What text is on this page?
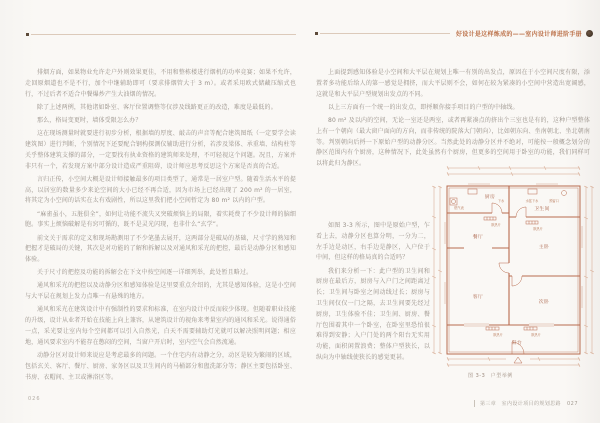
排烟方面，如果物业允许走户外则效果更佳，不用和整栋楼进行烟机的功率竞赛；如果不允许，走回原烟道也不是不行，加个中继辅助即可（要求排烟管大于 3 m）。或者采用欧式储藏压缩式也行，不过后者不适合中餐爆炒产生大油烟的情况。

除了上述两例，其他诸如卧室、客厅位置调整等仅涉及线路更正的改造，难度是最低的。

那么，格局变更时，墙体受限怎么办？

这在现场测量时就要进行初步分析，根据墙的厚度、敲击的声音等配合建筑图纸（一定要学会读建筑图）进行判断，个别情况下还要配合钢构探测仪辅助进行分析，若涉及梁体、承重墙、结构柱等关乎整体建筑支撑的部分，一定要找有执业资格的建筑师来处理，不可轻视这个问题。况且，方案并非只有一个，若发现方案中部分设计造成严重阻碍，设计师应思考反思这个方案是否真的合适。

言归正传，小空间大概是设计师接触最多的项目类型了，通常是一居室户型。随着生活水平的提高，以居室的数量多少来论空间的大小已经不再合适，因为市场上已经出现了 200 m² 的一居室，将其定为小空间的话实在太有戏剧性，所以这里我们把小空间暂定为 80 m² 以内的户型。

“麻雀虽小，五脏俱全”，如何让功能不流失又突破烦恼上的局限，着实耗费了不少设计师的脑细胞。事实上烦恼破解是有窍可循的，既不是灵光闪现，也非什么“玄学”。

前文关于需求的定义和现场勘测用了不少笔墨去展开，这两部分是破局的基础，尺寸学的熟知和把握才是破局的关键，其次是对功能的了解和拆解以及对通风和采光的把控，最后是动静分区和感知体验。

关于尺寸的把控及功能的拆解会在下文中按空间逐一详细列举，此处暂且略过。

通风和采光的把控以及动静分区和感知体验是这里要重点介绍的，尤其是感知体验，这是小空间与大平层在规划上发力点唯一有悬殊的地方。

通风和采光在建筑设计中有强制性的要求和标准，在室内设计中反而较少体现。但随着职业技能的升级，设计从业者开始在技能上向上兼容，从建筑设计的视角来考量室内的通风和采光。说得通俗一点，采光要让室内每个空间都可以引入自然光，白天不需要辅助灯光就可以解决照明问题；相应地，通风要求室内不能存在憋闷的空间，当窗户开启时，室内空气会自然流通。

动静分区对设计师来说应是考虑最多的问题。一个住宅内有动静之分，动区是较为繁闹的区域，包括玄关、客厅、餐厅、厨房、家务区以及卫生间内的马桶部分和盥洗部分等；静区主要包括卧室、书房、衣帽间、主卫或淋浴区等。

026
好设计是这样炼成的——室内设计师进阶手册

上面提到感知体验是小空间和大平层在规划上唯一有别的出发点，原因在于小空间尺度有限，添置者多功能后给人的第一感觉是拥挤，而大平层则不会，如何在较为紧凑的小空间中营造出宽阔感，这就是和大平层户型规划出发点的不同。

以上三方面有一个统一的出发点，即捋顺你接手项目的户型的中轴线。

80 m² 及以内的空间，无论一室还是两室，或者再紧凑点的挤出个三室也是有的，这种户型整体上有一个朝向（最大窗户面向的方向，而非传统的院落大门朝向），比如朝东向、坐南朝北、坐北朝南等。判别朝向后捋一下原始户型的动静分区。当然此处的动静分区并不绝对，可能按一般概念划分的静区范围内有个厨房，这种情况下，此处虽然有个厨房，但更多的空间用于卧室的功能，我们同样可以将此归为静区。

如图 3-3 所示，图中是原始户型，乍看上去，动静分区也算分明，一分为二，左手边是动区，右手边是静区，入户位于中间，但这样的格局真的合适吗？

我们来分析一下：此户型的卫生间和厨房在最后方，厨房与入户门之间距离过长；卫生间与卧室之间动线过长；厨房与卫生间仅仅一门之隔，去卫生间要先经过厨房，卫生体验不佳；卫生间、厨房、餐厅包围着其中一个卧室，在卧室里恐怕很难得到安静；入户门处的两个阳台无实用功能，面积闲置浪费；整体户型狭长，以纵向为中轴线使狭长的感觉更甚。

厨房
卫生间
餐厅
主卧
客厅
次卧
阳台
燃气表
下水	水盆下水	预留口
散热片
散热片
散热片	散热片
图 3-3　户型举例
第三章　室内设计项目的规划思路 027
